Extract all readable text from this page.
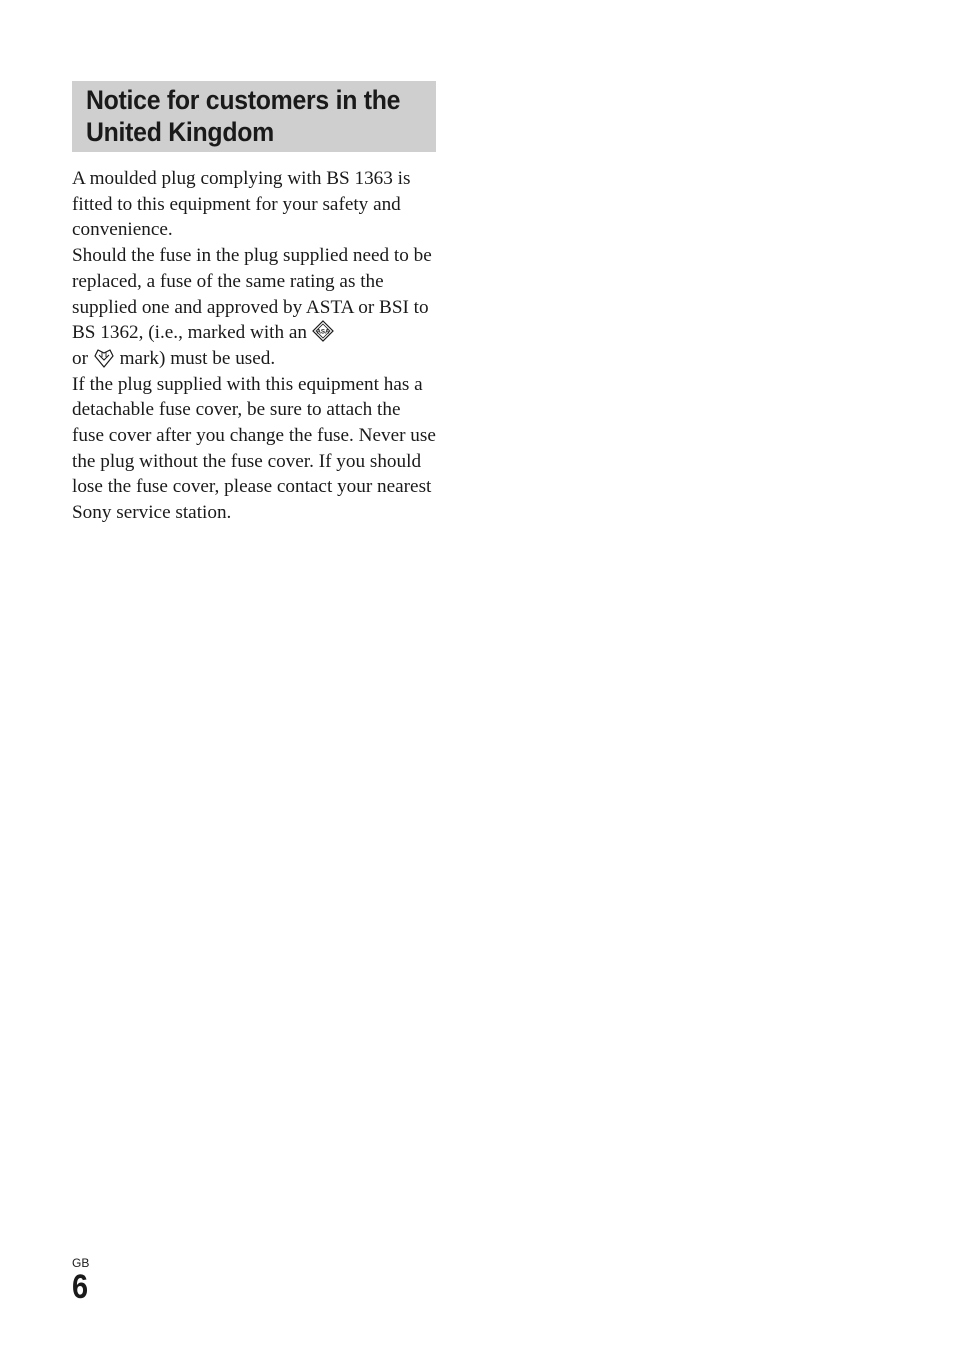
Notice for customers in the
United Kingdom

A moulded plug complying with BS 1363 is fitted to this equipment for your safety and convenience.

Should the fuse in the plug supplied need to be replaced, a fuse of the same rating as the supplied one and approved by ASTA or BSI to BS 1362, (i.e., marked with an ASA

or mark) must be used.

If the plug supplied with this equipment has a detachable fuse cover, be sure to attach the fuse cover after you change the fuse. Never use the plug without the fuse cover. If you should lose the fuse cover, please contact your nearest Sony service station.

GB
6
